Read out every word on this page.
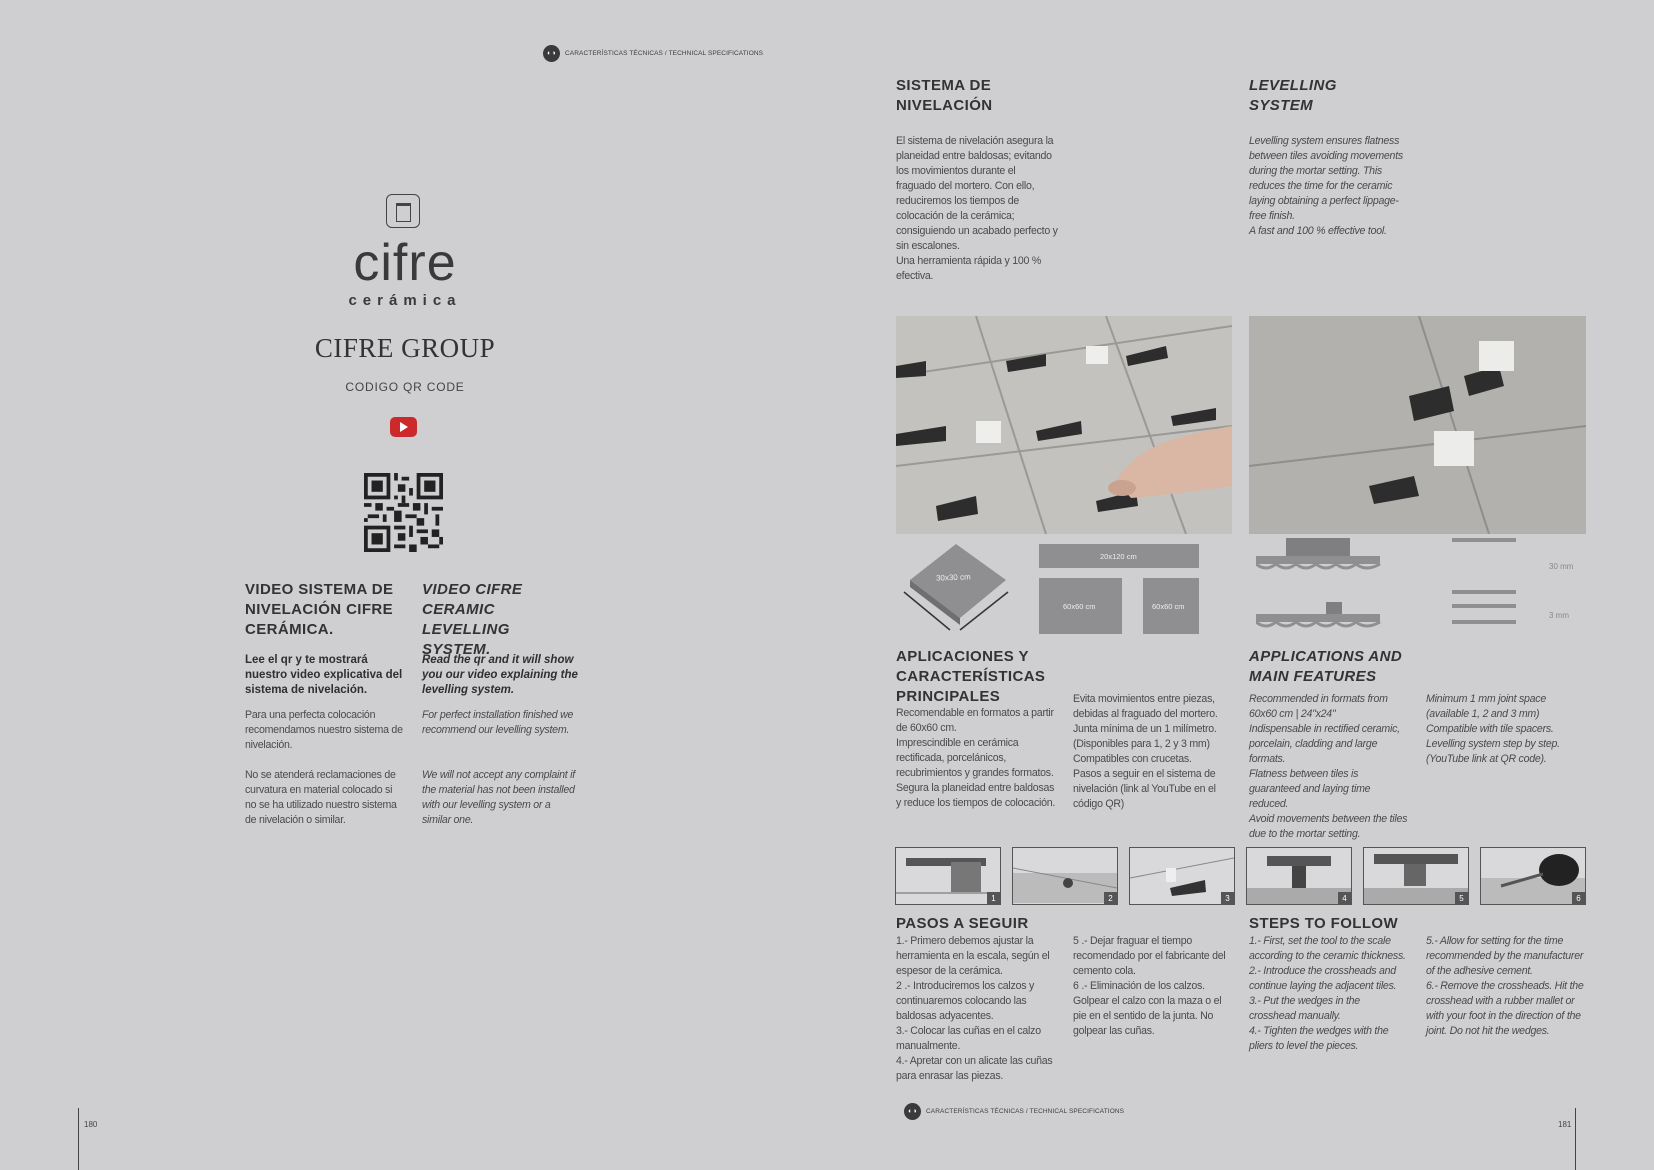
◐◑	CARACTERÍSTICAS TÉCNICAS / TECHNICAL SPECIFICATIONS
cifre
cerámica
CIFRE GROUP
CODIGO QR CODE
VIDEO SISTEMA DE NIVELACIÓN CIFRE CERÁMICA.
Lee el qr y te mostrará nuestro video explicativa del sistema de nivelación.
Para una perfecta colocación recomendamos nuestro sistema de nivelación.
No se atenderá reclamaciones de curvatura en material colocado si no se ha utilizado nuestro sistema de nivelación o similar.
VIDEO CIFRE CERAMIC LEVELLING SYSTEM.
Read the qr and it will show you our video explaining the levelling system.
For perfect installation finished we recommend our levelling system.
We will not accept any complaint if the material has not been installed with our levelling system or a similar one.
SISTEMA DE NIVELACIÓN
El sistema de nivelación asegura la planeidad entre baldosas; evitando los movimientos durante el fraguado del mortero. Con ello, reduciremos los tiempos de colocación de la cerámica; consiguiendo un acabado perfecto y sin escalones.
Una herramienta rápida y 100 % efectiva.
LEVELLING SYSTEM
Levelling system ensures flatness between tiles avoiding movements during the mortar setting. This reduces the time for the ceramic laying obtaining a perfect lippage-free finish.
A fast and 100 % effective tool.
30x30 cm
20x120 cm
60x60 cm	60x60 cm
30 mm
3 mm
APLICACIONES Y CARACTERÍSTICAS PRINCIPALES
Recomendable en formatos a partir de 60x60 cm.
Imprescindible en cerámica rectificada, porcelánicos, recubrimientos y grandes formatos.
Segura la planeidad entre baldosas y reduce los tiempos de colocación.
Evita movimientos entre piezas, debidas al fraguado del mortero.
Junta mínima de un 1 milímetro. (Disponibles para 1, 2 y 3 mm) Compatibles con crucetas.
Pasos a seguir en el sistema de nivelación (link al YouTube en el código QR)
APPLICATIONS AND MAIN FEATURES
Recommended in formats from 60x60 cm | 24"x24"
Indispensable in rectified ceramic, porcelain, cladding and large formats.
Flatness between tiles is guaranteed and laying time reduced.
Avoid movements between the tiles due to the mortar setting.
Minimum 1 mm joint space (available 1, 2 and 3 mm) Compatible with tile spacers.
Levelling system step by step. (YouTube link at QR code).
1	2	3	4	5	6
PASOS A SEGUIR
1.- Primero debemos ajustar la herramienta en la escala, según el espesor de la cerámica.
2 .- Introduciremos los calzos y continuaremos colocando las baldosas adyacentes.
3.- Colocar las cuñas en el calzo manualmente.
4.- Apretar con un alicate las cuñas para enrasar las piezas.
5 .- Dejar fraguar el tiempo recomendado por el fabricante del cemento cola.
6 .- Eliminación de los calzos. Golpear el calzo con la maza o el pie en el sentido de la junta. No golpear las cuñas.
STEPS TO FOLLOW
1.- First, set the tool to the scale according to the ceramic thickness.
2.- Introduce the crossheads and continue laying the adjacent tiles.
3.- Put the wedges in the crosshead manually.
4.- Tighten the wedges with the pliers to level the pieces.
5.- Allow for setting for the time recommended by the manufacturer of the adhesive cement.
6.- Remove the crossheads. Hit the crosshead with a rubber mallet or with your foot in the direction of the joint. Do not hit the wedges.
◐◑	CARACTERÍSTICAS TÉCNICAS / TECHNICAL SPECIFICATIONS
180	181
